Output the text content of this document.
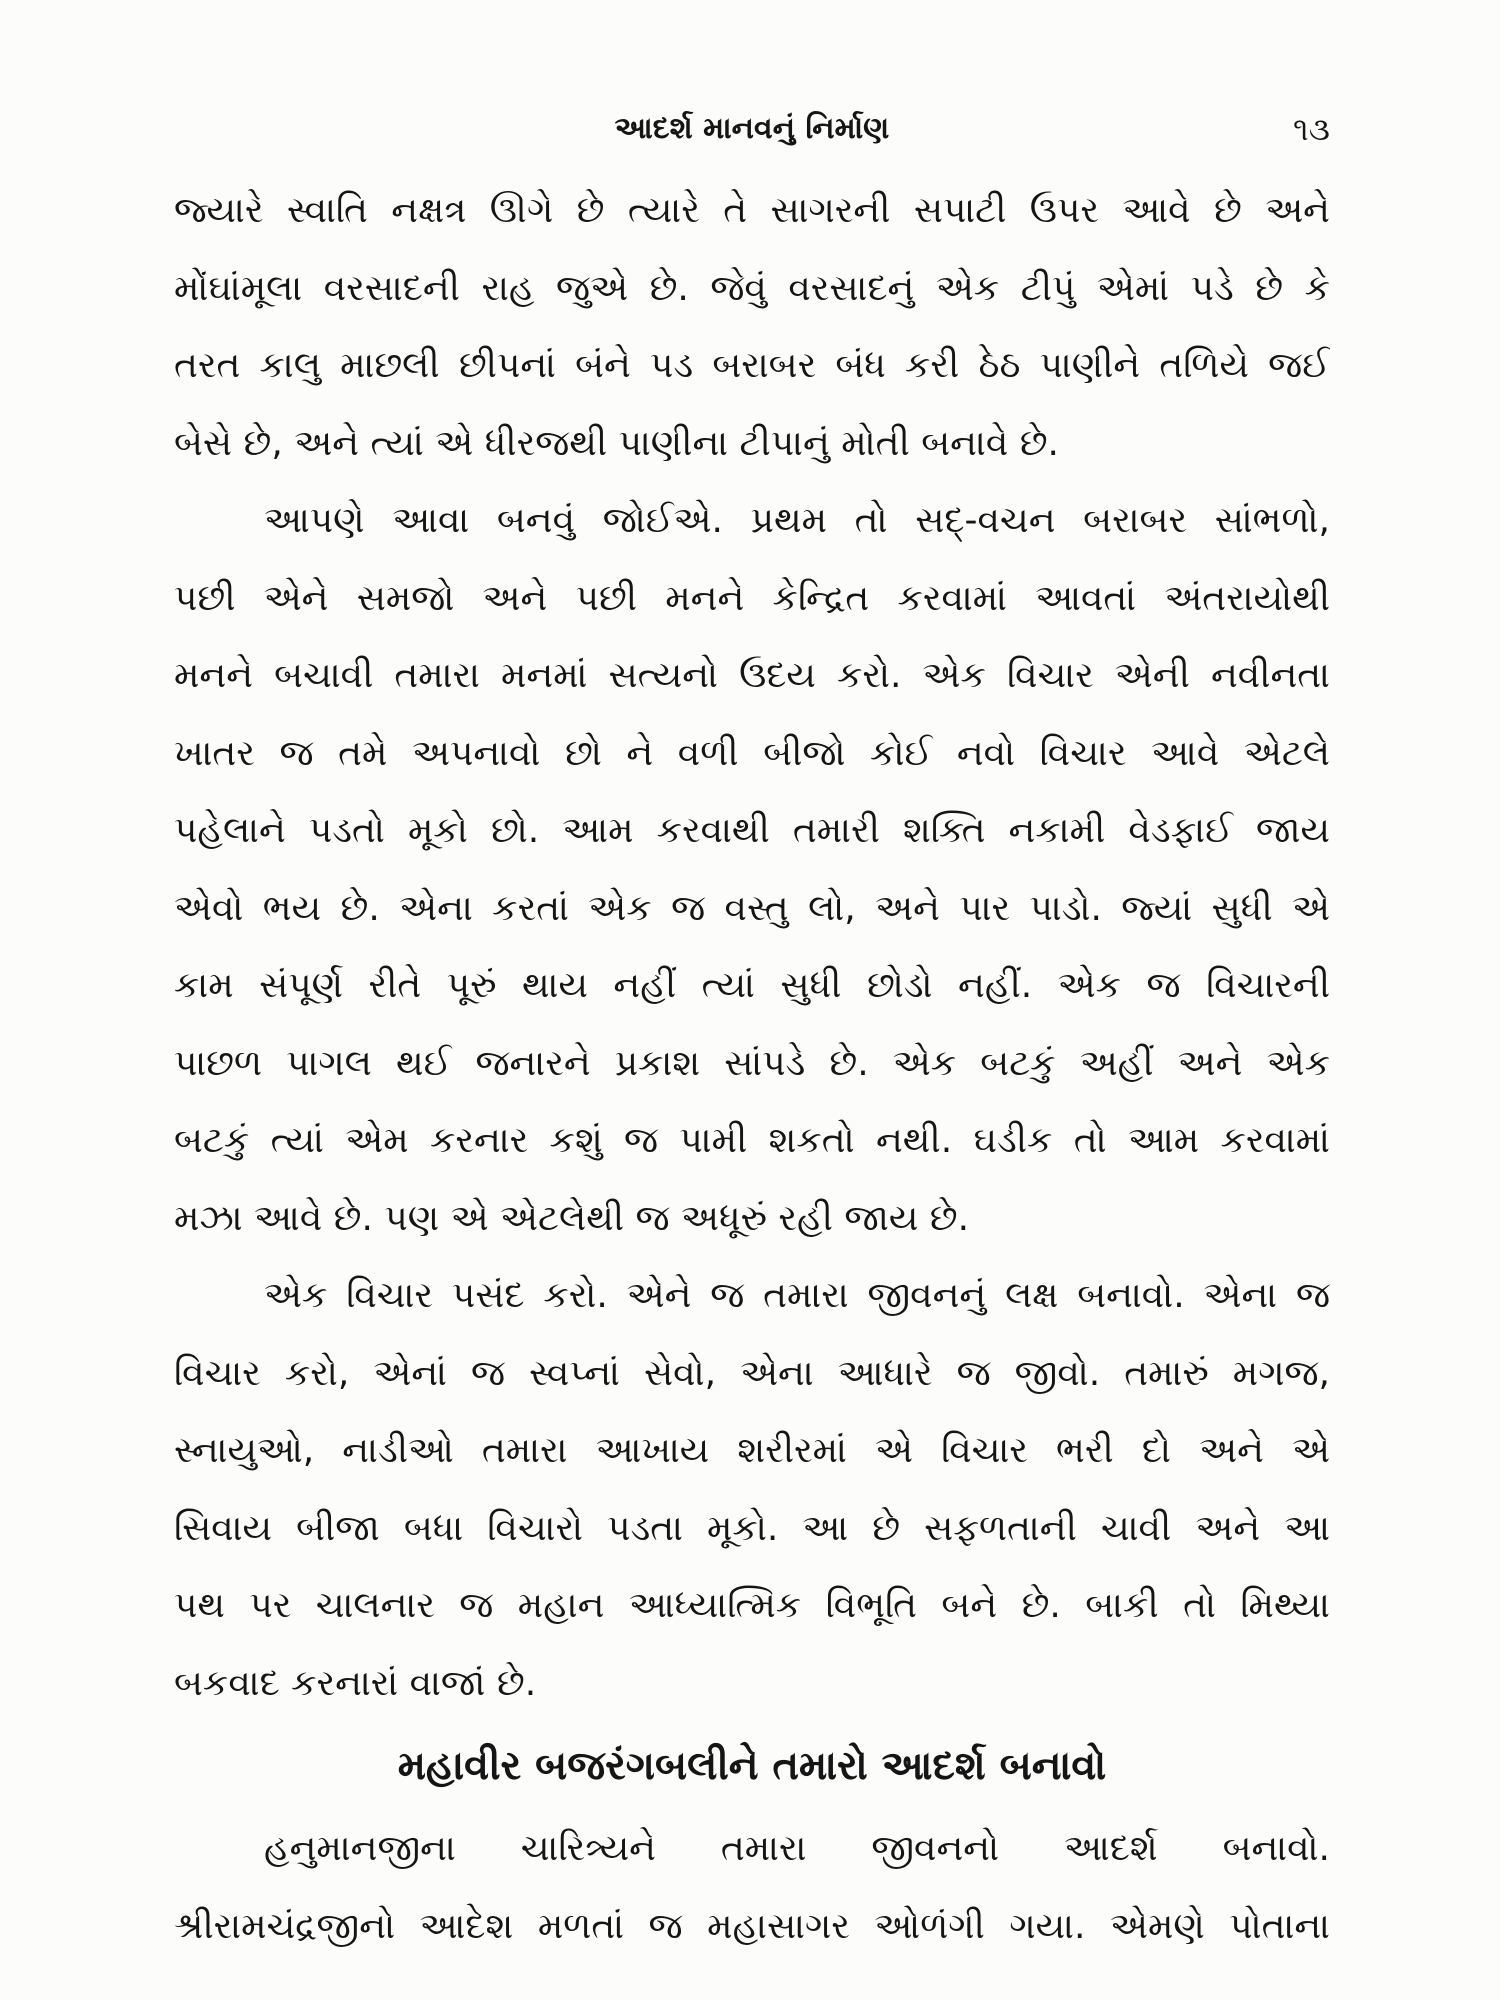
આદર્શ માનવનું નિર્માણ	૧૩
જ્યારે સ્વાતિ નક્ષત્ર ઊગે છે ત્યારે તે સાગરની સપાટી ઉપર આવે છે અને
મોંઘાંમૂલા વરસાદની રાહ જુએ છે. જેવું વરસાદનું એક ટીપું એમાં પડે છે કે
તરત કાલુ માછલી છીપનાં બંને પડ બરાબર બંધ કરી ઠેઠ પાણીને તળિયે જઈ
બેસે છે, અને ત્યાં એ ધીરજથી પાણીના ટીપાનું મોતી બનાવે છે.
આપણે આવા બનવું જોઈએ. પ્રથમ તો સદ્-વચન બરાબર સાંભળો,
પછી એને સમજો અને પછી મનને કેન્દ્રિત કરવામાં આવતાં અંતરાયોથી
મનને બચાવી તમારા મનમાં સત્યનો ઉદય કરો. એક વિચાર એની નવીનતા
ખાતર જ તમે અપનાવો છો ને વળી બીજો કોઈ નવો વિચાર આવે એટલે
પહેલાને પડતો મૂકો છો. આમ કરવાથી તમારી શક્તિ નકામી વેડફાઈ જાય
એવો ભય છે. એના કરતાં એક જ વસ્તુ લો, અને પાર પાડો. જ્યાં સુધી એ
કામ સંપૂર્ણ રીતે પૂરું થાય નહીં ત્યાં સુધી છોડો નહીં. એક જ વિચારની
પાછળ પાગલ થઈ જનારને પ્રકાશ સાંપડે છે. એક બટકું અહીં અને એક
બટકું ત્યાં એમ કરનાર કશું જ પામી શકતો નથી. ઘડીક તો આમ કરવામાં
મઝા આવે છે. પણ એ એટલેથી જ અધૂરું રહી જાય છે.
એક વિચાર પસંદ કરો. એને જ તમારા જીવનનું લક્ષ બનાવો. એના જ
વિચાર કરો, એનાં જ સ્વપ્નાં સેવો, એના આધારે જ જીવો. તમારું મગજ,
સ્નાયુઓ, નાડીઓ તમારા આખાય શરીરમાં એ વિચાર ભરી દો અને એ
સિવાય બીજા બધા વિચારો પડતા મૂકો. આ છે સફળતાની ચાવી અને આ
પથ પર ચાલનાર જ મહાન આધ્યાત્મિક વિભૂતિ બને છે. બાકી તો મિથ્યા
બકવાદ કરનારાં વાજાં છે.
મહાવીર બજરંગબલીને તમારો આદર્શ બનાવો
હનુમાનજીના ચારિત્ર્યને તમારા જીવનનો આદર્શ બનાવો.
શ્રીરામચંદ્રજીનો આદેશ મળતાં જ મહાસાગર ઓળંગી ગયા. એમણે પોતાના
